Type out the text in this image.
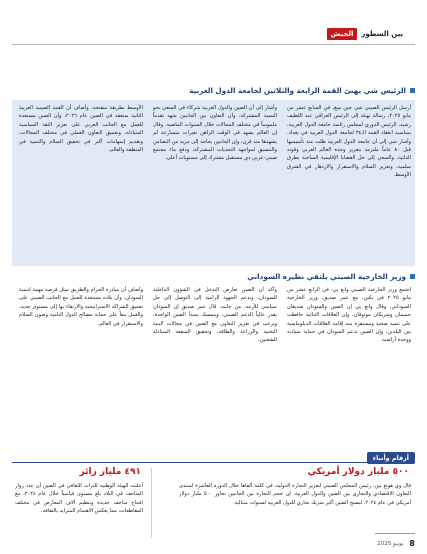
بين السطور
الجيش
الرئيس شي يهنئ القمة الرابعة والثلاثين لجامعة الدول العربية
أرسل الرئيس الصيني شي جين بينغ، في السابع عشر من مايو ٢٠٢٥، رسالة تهنئة إلى الرئيس العراقي عبد اللطيف رشيد، الرئيس الدوري لمجلس رئاسة جامعة الدول العربية، بمناسبة انعقاد القمة الـ٣٤ لجامعة الدول العربية في بغداد. وأشار شي إلى أن جامعة الدول العربية ظلت منذ تأسيسها قبل ٨٠ عاماً ملتزمة بتعزيز وحدة العالم العربي وقوته الذاتية، والسعي إلى حل القضايا الإقليمية الساخنة بطرق سلمية، وتعزيز السلام والاستقرار والازدهار في الشرق الأوسط.
وأشار إلى أن الصين والدول العربية شركاء في السعي نحو التنمية المشتركة، وأن التعاون بين الجانبين شهد تقدماً ملموساً في مختلف المجالات خلال السنوات الماضية. وقال إن العالم يشهد في الوقت الراهن تغيرات متسارعة لم يشهدها منذ قرن، وإن الجانبين بحاجة إلى مزيد من التضامن والتنسيق لمواجهة التحديات المشتركة، ودفع بناء مجتمع صيني-عربي ذي مستقبل مشترك إلى مستويات أعلى.
الأوسط بطريقة منفتحة، وأضاف أن القمة الصينية العربية الثانية ستعقد في الصين عام ٢٠٢٦، وأن الصين مستعدة للعمل مع الجانب العربي على تعزيز الثقة السياسية المتبادلة، وتعميق التعاون العملي في مختلف المجالات، وتقديم إسهامات أكبر في تحقيق السلام والتنمية في المنطقة والعالم.
وزير الخارجية الصيني يلتقي نظيره السوداني
اجتمع وزير الخارجية الصيني وانغ يي، في الرابع عشر من مايو ٢٠٢٥ في بكين، مع عمر صديق، وزير الخارجية السوداني، وقال وانغ يي إن الصين والسودان صديقان حميمان وشريكان موثوقان، وإن العلاقات الثنائية حافظت على تنمية صحية ومستقرة منذ إقامة العلاقات الدبلوماسية بين البلدين، وإن الصين تدعم السودان في حماية سيادته ووحدة أراضيه.
وأكد أن الصين تعارض التدخل في الشؤون الداخلية للسودان، وتدعم الجهود الرامية إلى التوصل إلى حل سياسي للأزمة. من جانبه، قال عمر صديق إن السودان يقدر عالياً الدعم الصيني، ويتمسك بمبدأ الصين الواحدة، ويرغب في تعزيز التعاون مع الصين في مجالات البنية التحتية والزراعة والطاقة، وتحقيق المنفعة المتبادلة للشعبين.
وأضاف أن مبادرة الحزام والطريق تمثل فرصة مهمة لتنمية السودان، وأن بلاده مستعدة للعمل مع الجانب الصيني على تعميق الشراكة الاستراتيجية والارتقاء بها إلى مستوى جديد، والعمل معاً على حماية مصالح الدول النامية وصون السلام والاستقرار في العالم.
أرقام وأنباء
٥٠٠ مليار دولار أمريكي
٤٩١ مليار زائر
قال وي هونغ بين، رئيس المجلس الصيني لتعزيز التجارة الدولية، في كلمة ألقاها خلال الدورة العاشرة لمنتدى التعاون الاقتصادي والتجاري بين الصين والدول العربية، إن حجم التجارة بين الجانبين تجاوز ٥٠٠ مليار دولار أمريكي في عام ٢٠٢٤، ليصبح الصين أكبر شريك تجاري للدول العربية لسنوات متتالية.
أعلنت الهيئة الوطنية للتراث الثقافي في الصين أن عدد زوار المتاحف في البلاد بلغ مستوى قياسياً خلال عام ٢٠٢٤، مع افتتاح متاحف جديدة وتنظيم آلاف المعارض في مختلف المقاطعات، مما يعكس الاهتمام المتزايد بالثقافة.
8
يونيو 2025
